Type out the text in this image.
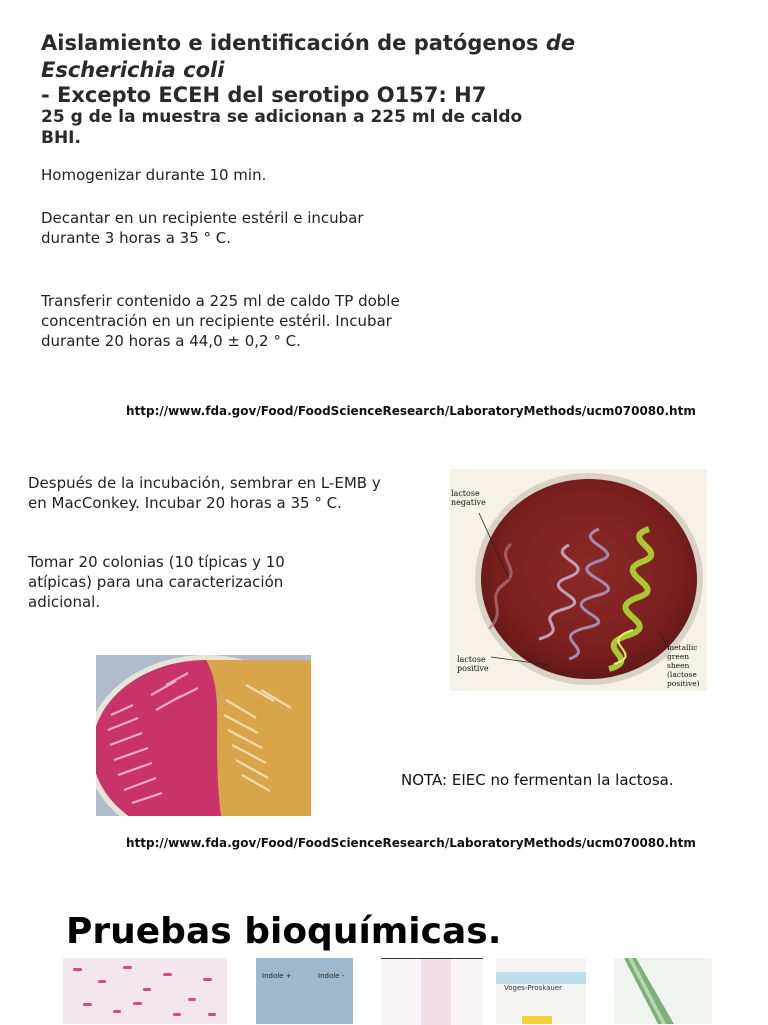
Aislamiento e identificación de patógenos de
Escherichia coli
- Excepto ECEH del serotipo O157: H7
25 g de la muestra se adicionan a 225 ml de caldo BHI.
Homogenizar durante 10 min.
Decantar en un recipiente estéril e incubar durante 3 horas a 35 ° C.
Transferir contenido a 225 ml de caldo TP doble concentración en un recipiente estéril. Incubar durante 20 horas a 44,0 ± 0,2 ° C.
http://www.fda.gov/Food/FoodScienceResearch/LaboratoryMethods/ucm070080.htm
Después de la incubación, sembrar en L-EMB y en MacConkey. Incubar 20 horas a 35 ° C.
Tomar 20 colonias (10 típicas y 10 atípicas) para una caracterización adicional.
lactose negative
lactose positive
metallic green sheen (lactose positive)
NOTA: EIEC no fermentan la lactosa.
http://www.fda.gov/Food/FoodScienceResearch/LaboratoryMethods/ucm070080.htm
Pruebas bioquímicas.
Indole +	Indole -
Voges-Proskauer
